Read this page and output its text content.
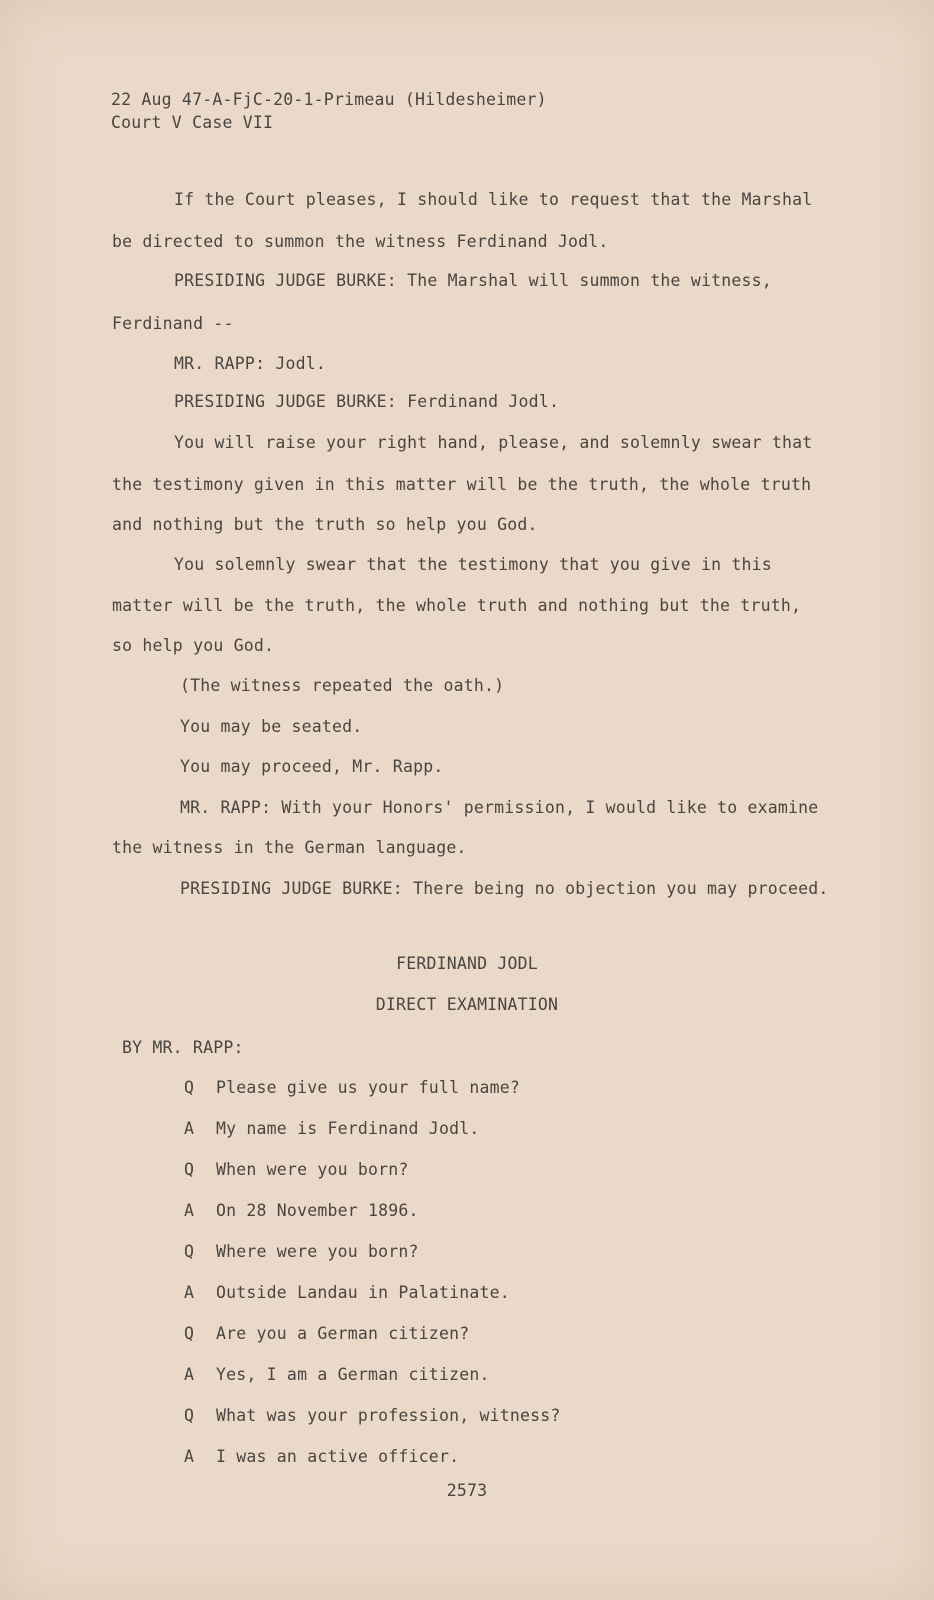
22 Aug 47-A-FjC-20-1-Primeau (Hildesheimer)

Court V Case VII

If the Court pleases, I should like to request that the Marshal

be directed to summon the witness Ferdinand Jodl.

PRESIDING JUDGE BURKE: The Marshal will summon the witness,

Ferdinand --

MR. RAPP: Jodl.

PRESIDING JUDGE BURKE: Ferdinand Jodl.

You will raise your right hand, please, and solemnly swear that

the testimony given in this matter will be the truth, the whole truth

and nothing but the truth so help you God.

You solemnly swear that the testimony that you give in this

matter will be the truth, the whole truth and nothing but the truth,

so help you God.

(The witness repeated the oath.)

You may be seated.

You may proceed, Mr. Rapp.

MR. RAPP: With your Honors' permission, I would like to examine

the witness in the German language.

PRESIDING JUDGE BURKE: There being no objection you may proceed.

FERDINAND JODL

DIRECT EXAMINATION

BY MR. RAPP:

Q Please give us your full name?

A My name is Ferdinand Jodl.

Q When were you born?

A On 28 November 1896.

Q Where were you born?

A Outside Landau in Palatinate.

Q Are you a German citizen?

A Yes, I am a German citizen.

Q What was your profession, witness?

A I was an active officer.

2573
